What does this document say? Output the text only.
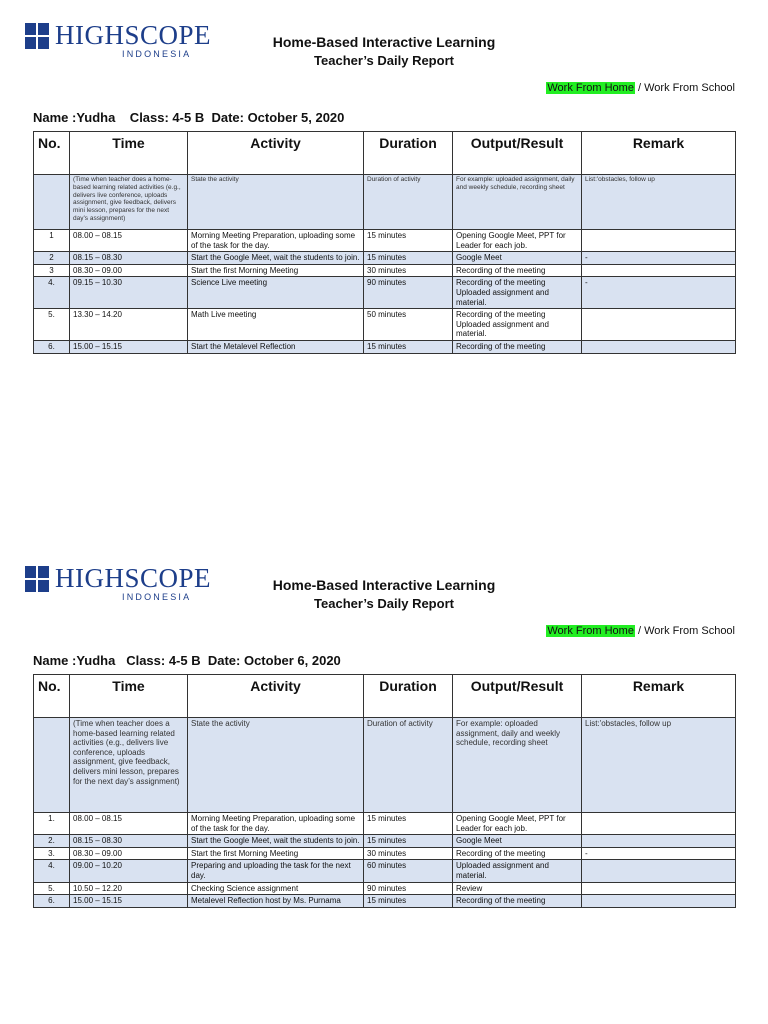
HIGHSCOPE
INDONESIA
Home-Based Interactive Learning
Teacher’s Daily Report
Work From Home / Work From School
Name :Yudha    Class: 4-5 B  Date: October 5, 2020
No.	Time	Activity	Duration	Output/Result	Remark
	(Time when teacher does a home-based learning related activities (e.g., delivers live conference, uploads assignment, give feedback, delivers mini lesson, prepares for the next day’s assignment)	State the activity	Duration of activity	For example: uploaded assignment, daily and weekly schedule, recording sheet	List:'obstacles, follow up
1	08.00 – 08.15	Morning Meeting Preparation, uploading some of the task for the day.	15 minutes	Opening Google Meet, PPT for Leader for each job.	
2	08.15 – 08.30	Start the Google Meet, wait the students to join.	15 minutes	Google Meet	-
3	08.30 – 09.00	Start the first Morning Meeting	30 minutes	Recording of the meeting	
4.	09.15 – 10.30	Science Live meeting	90 minutes	Recording of the meeting Uploaded assignment and material.	-
5.	13.30 – 14.20	Math Live meeting	50 minutes	Recording of the meeting Uploaded assignment and material.	
6.	15.00 – 15.15	Start the Metalevel Reflection	15 minutes	Recording of the meeting	
HIGHSCOPE
INDONESIA
Home-Based Interactive Learning
Teacher’s Daily Report
Work From Home / Work From School
Name :Yudha   Class: 4-5 B  Date: October 6, 2020
No.	Time	Activity	Duration	Output/Result	Remark
	(Time when teacher does a home-based learning related activities (e.g., delivers live conference, uploads assignment, give feedback, delivers mini lesson, prepares for the next day’s assignment)	State the activity	Duration of activity	For example: oploaded assignment, daily and weekly schedule, recording sheet	List:'obstacles, follow up
1.	08.00 – 08.15	Morning Meeting Preparation, uploading some of the task for the day.	15 minutes	Opening Google Meet, PPT for Leader for each job.	
2.	08.15 – 08.30	Start the Google Meet, wait the students to join.	15 minutes	Google Meet	
3.	08.30 – 09.00	Start the first Morning Meeting	30 minutes	Recording of the meeting	-
4.	09.00 – 10.20	Preparing and uploading the task for the next day.	60 minutes	Uploaded assignment and material.	
5.	10.50 – 12.20	Checking Science assignment	90 minutes	Review	
6.	15.00 – 15.15	Metalevel Reflection host by Ms. Purnama	15 minutes	Recording of the meeting	
